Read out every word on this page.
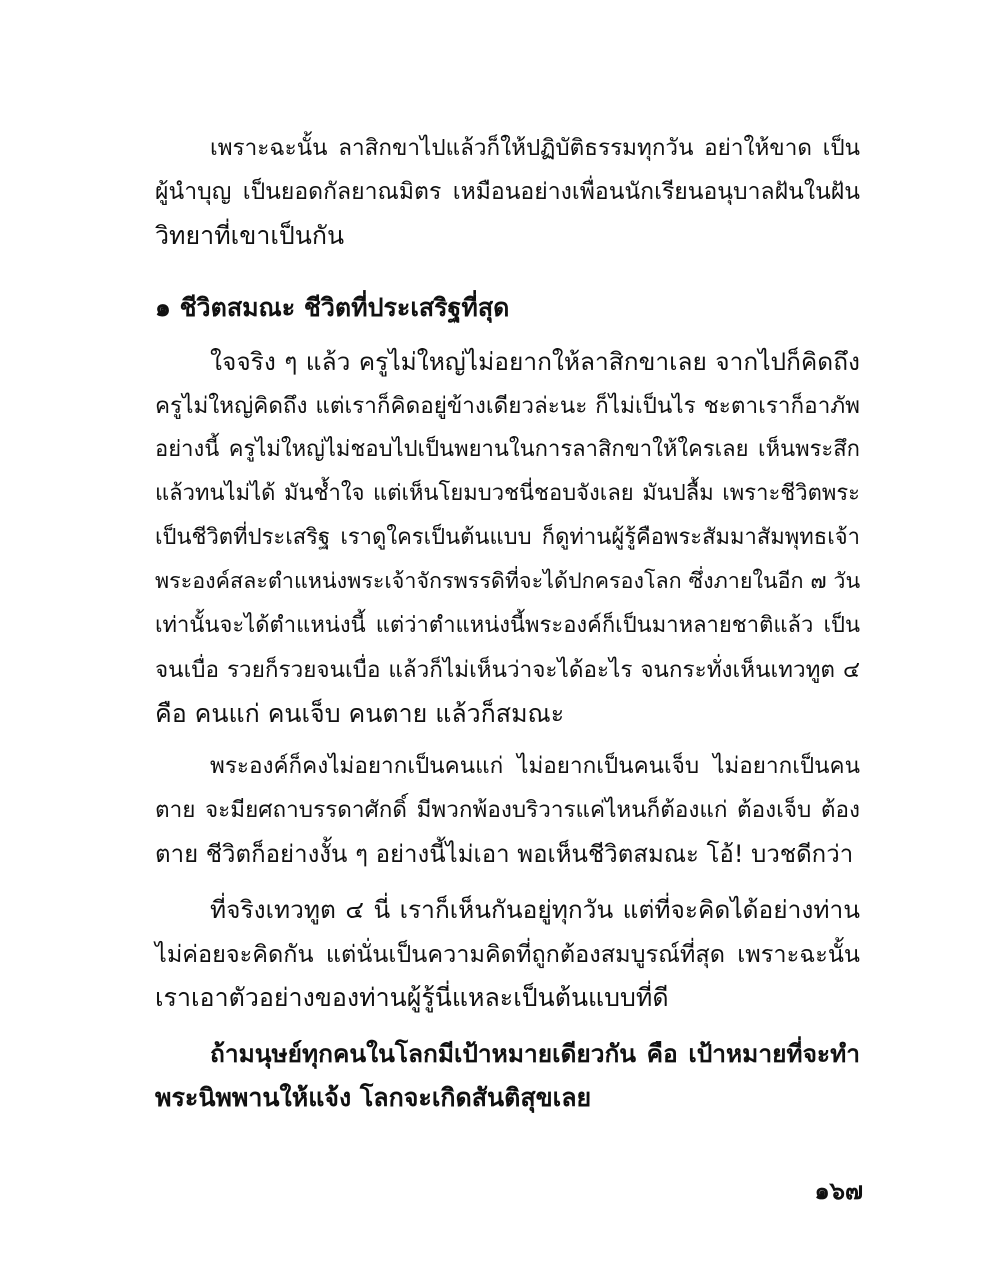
เพราะฉะนั้น ลาสิกขาไปแล้วก็ให้ปฏิบัติธรรมทุกวัน อย่าให้ขาด เป็น
ผู้นำบุญ เป็นยอดกัลยาณมิตร เหมือนอย่างเพื่อนนักเรียนอนุบาลฝันในฝัน
วิทยาที่เขาเป็นกัน
๑ ชีวิตสมณะ ชีวิตที่ประเสริฐที่สุด
ใจจริง ๆ แล้ว ครูไม่ใหญ่ไม่อยากให้ลาสิกขาเลย จากไปก็คิดถึง
ครูไม่ใหญ่คิดถึง แต่เราก็คิดอยู่ข้างเดียวล่ะนะ ก็ไม่เป็นไร ชะตาเราก็อาภัพ
อย่างนี้ ครูไม่ใหญ่ไม่ชอบไปเป็นพยานในการลาสิกขาให้ใครเลย เห็นพระสึก
แล้วทนไม่ได้ มันช้ำใจ แต่เห็นโยมบวชนี่ชอบจังเลย มันปลื้ม เพราะชีวิตพระ
เป็นชีวิตที่ประเสริฐ เราดูใครเป็นต้นแบบ ก็ดูท่านผู้รู้คือพระสัมมาสัมพุทธเจ้า
พระองค์สละตำแหน่งพระเจ้าจักรพรรดิที่จะได้ปกครองโลก ซึ่งภายในอีก ๗ วัน
เท่านั้นจะได้ตำแหน่งนี้ แต่ว่าตำแหน่งนี้พระองค์ก็เป็นมาหลายชาติแล้ว เป็น
จนเบื่อ รวยก็รวยจนเบื่อ แล้วก็ไม่เห็นว่าจะได้อะไร จนกระทั่งเห็นเทวทูต ๔
คือ คนแก่ คนเจ็บ คนตาย แล้วก็สมณะ
พระองค์ก็คงไม่อยากเป็นคนแก่ ไม่อยากเป็นคนเจ็บ ไม่อยากเป็นคน
ตาย จะมียศถาบรรดาศักดิ์ มีพวกพ้องบริวารแค่ไหนก็ต้องแก่ ต้องเจ็บ ต้อง
ตาย ชีวิตก็อย่างงั้น ๆ อย่างนี้ไม่เอา พอเห็นชีวิตสมณะ โอ้! บวชดีกว่า
ที่จริงเทวทูต ๔ นี่ เราก็เห็นกันอยู่ทุกวัน แต่ที่จะคิดได้อย่างท่าน
ไม่ค่อยจะคิดกัน แต่นั่นเป็นความคิดที่ถูกต้องสมบูรณ์ที่สุด เพราะฉะนั้น
เราเอาตัวอย่างของท่านผู้รู้นี่แหละเป็นต้นแบบที่ดี
ถ้ามนุษย์ทุกคนในโลกมีเป้าหมายเดียวกัน คือ เป้าหมายที่จะทำ
พระนิพพานให้แจ้ง โลกจะเกิดสันติสุขเลย
๑๖๗
